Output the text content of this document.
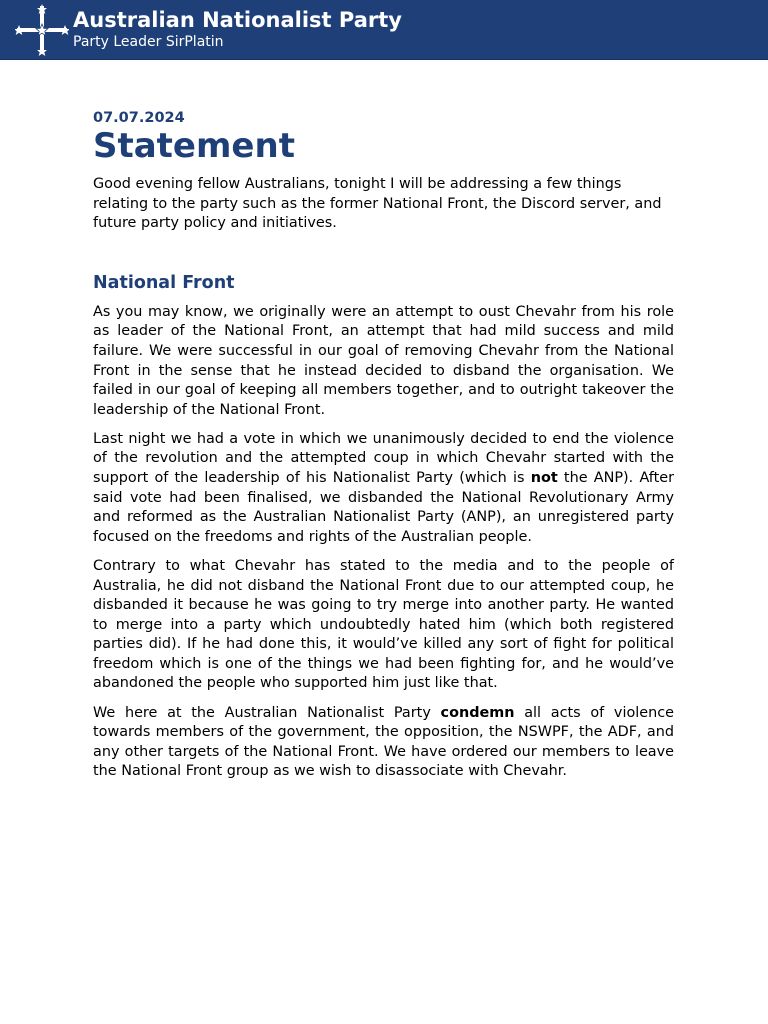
Australian Nationalist Party
Party Leader SirPlatin
07.07.2024
Statement

Good evening fellow Australians, tonight I will be addressing a few things relating to the party such as the former National Front, the Discord server, and future party policy and initiatives.

National Front

As you may know, we originally were an attempt to oust Chevahr from his role as leader of the National Front, an attempt that had mild success and mild failure. We were successful in our goal of removing Chevahr from the National Front in the sense that he instead decided to disband the organisation. We failed in our goal of keeping all members together, and to outright takeover the leadership of the National Front.

Last night we had a vote in which we unanimously decided to end the violence of the revolution and the attempted coup in which Chevahr started with the support of the leadership of his Nationalist Party (which is not the ANP). After said vote had been finalised, we disbanded the National Revolutionary Army and reformed as the Australian Nationalist Party (ANP), an unregistered party focused on the freedoms and rights of the Australian people.

Contrary to what Chevahr has stated to the media and to the people of Australia, he did not disband the National Front due to our attempted coup, he disbanded it because he was going to try merge into another party. He wanted to merge into a party which undoubtedly hated him (which both registered parties did). If he had done this, it would’ve killed any sort of fight for political freedom which is one of the things we had been fighting for, and he would’ve abandoned the people who supported him just like that.

We here at the Australian Nationalist Party condemn all acts of violence towards members of the government, the opposition, the NSWPF, the ADF, and any other targets of the National Front. We have ordered our members to leave the National Front group as we wish to disassociate with Chevahr.
